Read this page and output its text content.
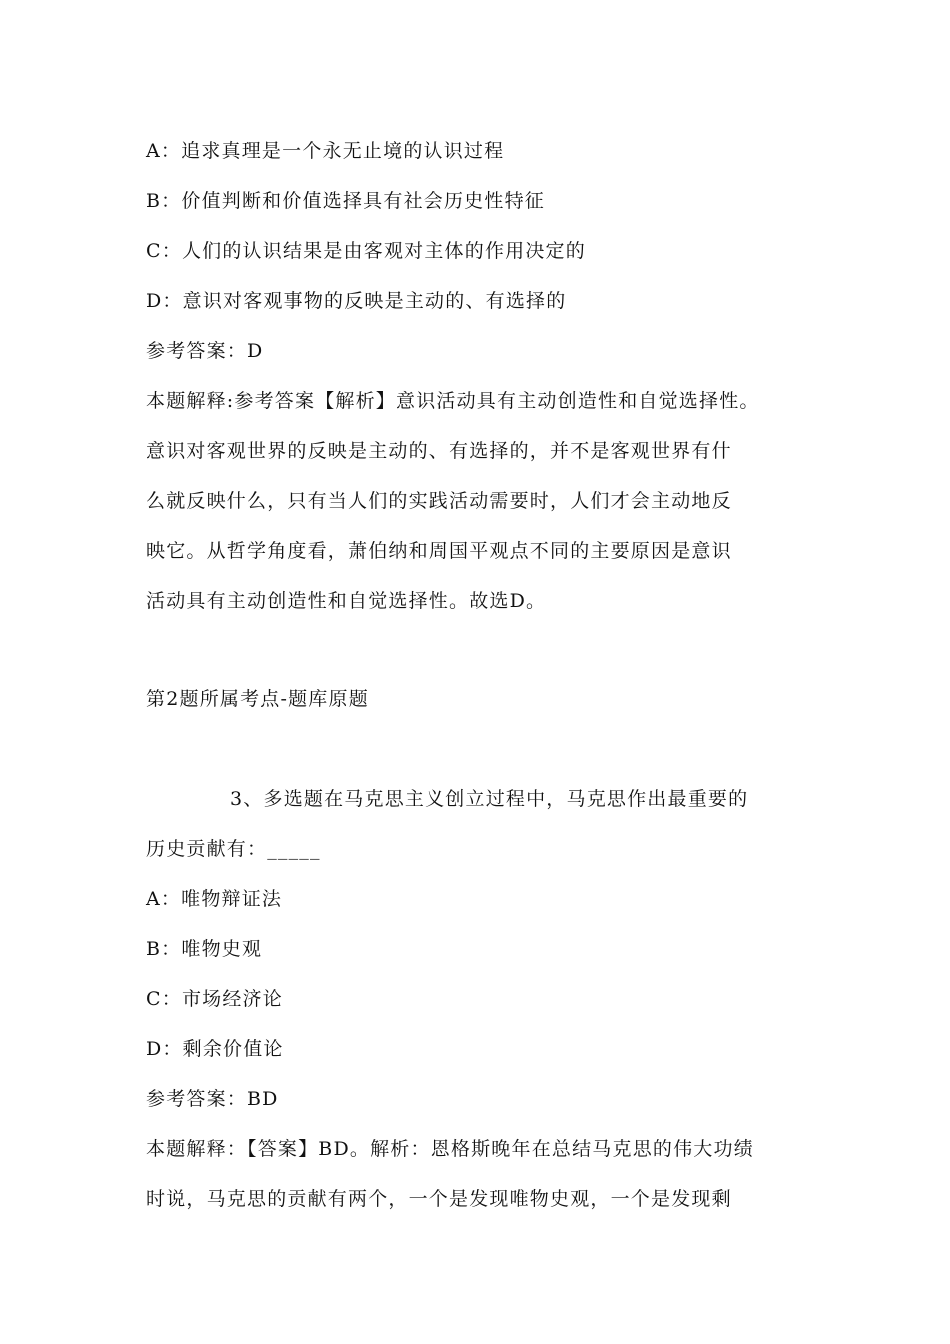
A：追求真理是一个永无止境的认识过程
B：价值判断和价值选择具有社会历史性特征
C：人们的认识结果是由客观对主体的作用决定的
D：意识对客观事物的反映是主动的、有选择的
参考答案：D
本题解释:参考答案【解析】意识活动具有主动创造性和自觉选择性。
意识对客观世界的反映是主动的、有选择的，并不是客观世界有什
么就反映什么，只有当人们的实践活动需要时，人们才会主动地反
映它。从哲学角度看，萧伯纳和周国平观点不同的主要原因是意识
活动具有主动创造性和自觉选择性。故选D。
第2题所属考点-题库原题
3、多选题在马克思主义创立过程中，马克思作出最重要的
历史贡献有：_____
A：唯物辩证法
B：唯物史观
C：市场经济论
D：剩余价值论
参考答案：BD
本题解释：【答案】BD。解析：恩格斯晚年在总结马克思的伟大功绩
时说，马克思的贡献有两个，一个是发现唯物史观，一个是发现剩
